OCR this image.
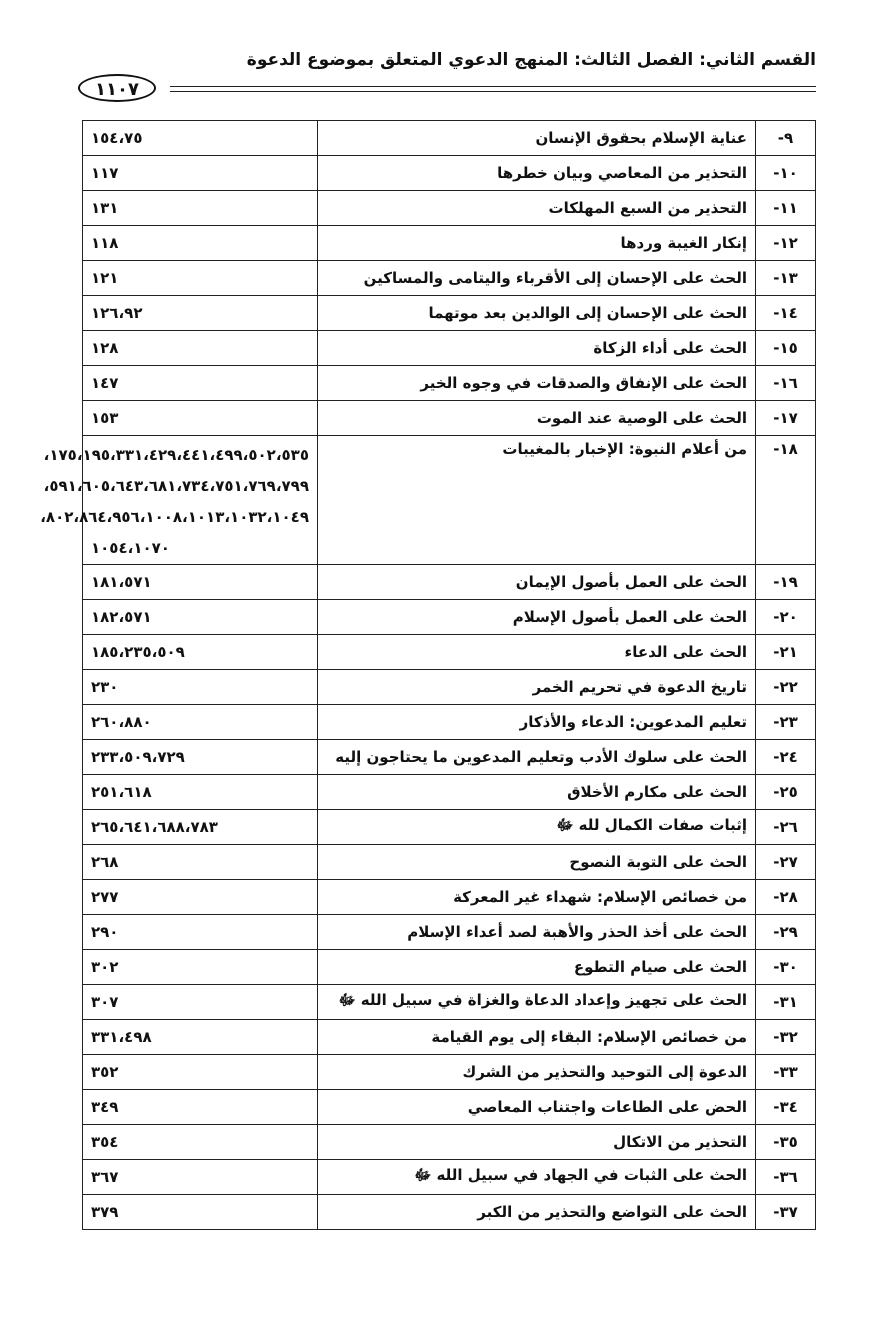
القسم الثاني: الفصل الثالث: المنهج الدعوي المتعلق بموضوع الدعوة
١١٠٧
٩-	عناية الإسلام بحقوق الإنسان	١٥٤،٧٥
١٠-	التحذير من المعاصي وبيان خطرها	١١٧
١١-	التحذير من السبع المهلكات	١٣١
١٢-	إنكار الغيبة وردها	١١٨
١٣-	الحث على الإحسان إلى الأقرباء واليتامى والمساكين	١٢١
١٤-	الحث على الإحسان إلى الوالدين بعد موتهما	١٢٦،٩٢
١٥-	الحث على أداء الزكاة	١٢٨
١٦-	الحث على الإنفاق والصدقات في وجوه الخير	١٤٧
١٧-	الحث على الوصية عند الموت	١٥٣
١٨-	من أعلام النبوة: الإخبار بالمغيبات	١٧٥،١٩٥،٣٣١،٤٢٩،٤٤١،٤٩٩،٥٠٢،٥٣٥،
٥٩١،٦٠٥،٦٤٣،٦٨١،٧٣٤،٧٥١،٧٦٩،٧٩٩،
٨٠٢،٨٦٤،٩٥٦،١٠٠٨،١٠١٣،١٠٣٢،١٠٤٩،
١٠٥٤،١٠٧٠

١٩-	الحث على العمل بأصول الإيمان	١٨١،٥٧١
٢٠-	الحث على العمل بأصول الإسلام	١٨٢،٥٧١
٢١-	الحث على الدعاء	١٨٥،٢٣٥،٥٠٩
٢٢-	تاريخ الدعوة في تحريم الخمر	٢٣٠
٢٣-	تعليم المدعوين: الدعاء والأذكار	٢٦٠،٨٨٠
٢٤-	الحث على سلوك الأدب وتعليم المدعوين ما يحتاجون إليه	٢٣٣،٥٠٩،٧٢٩
٢٥-	الحث على مكارم الأخلاق	٢٥١،٦١٨
٢٦-	إثبات صفات الكمال لله ﷻ	٢٦٥،٦٤١،٦٨٨،٧٨٣
٢٧-	الحث على التوبة النصوح	٢٦٨
٢٨-	من خصائص الإسلام: شهداء غير المعركة	٢٧٧
٢٩-	الحث على أخذ الحذر والأهبة لصد أعداء الإسلام	٢٩٠
٣٠-	الحث على صيام التطوع	٣٠٢
٣١-	الحث على تجهيز وإعداد الدعاة والغزاة في سبيل الله ﷻ	٣٠٧
٣٢-	من خصائص الإسلام: البقاء إلى يوم القيامة	٣٣١،٤٩٨
٣٣-	الدعوة إلى التوحيد والتحذير من الشرك	٣٥٢
٣٤-	الحض على الطاعات واجتناب المعاصي	٣٤٩
٣٥-	التحذير من الاتكال	٣٥٤
٣٦-	الحث على الثبات في الجهاد في سبيل الله ﷻ	٣٦٧
٣٧-	الحث على التواضع والتحذير من الكبر	٣٧٩
